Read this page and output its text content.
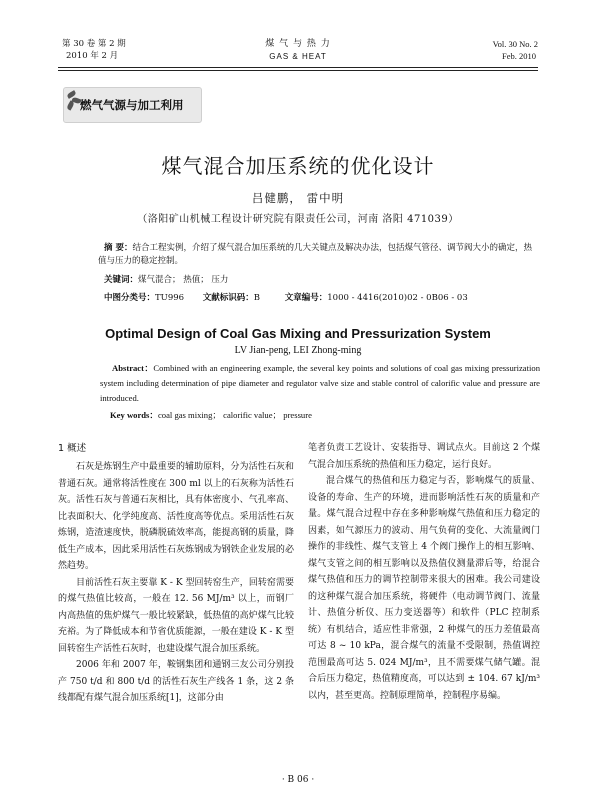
第 30 卷 第 2 期
2010 年 2 月
煤 气 与 热 力
GAS & HEAT
Vol. 30 No. 2
Feb. 2010
燃气气源与加工利用
煤气混合加压系统的优化设计
吕健鹏， 雷中明
（洛阳矿山机械工程设计研究院有限责任公司，河南 洛阳 471039）
摘 要：结合工程实例，介绍了煤气混合加压系统的几大关键点及解决办法，包括煤气管径、调节阀大小的确定，热值与压力的稳定控制。
关键词：煤气混合； 热值； 压力
中图分类号：TU996 文献标识码：B	文章编号：1000 - 4416(2010)02 - 0B06 - 03
Optimal Design of Coal Gas Mixing and Pressurization System
LV Jian-peng, LEI Zhong-ming
Abstract：Combined with an engineering example, the several key points and solutions of coal gas mixing pressurization system including determination of pipe diameter and regulator valve size and stable control of calorific value and pressure are introduced.
Key words：coal gas mixing； calorific value； pressure
1 概述

石灰是炼钢生产中最重要的辅助原料，分为活性石灰和普通石灰。通常将活性度在 300 ml 以上的石灰称为活性石灰。活性石灰与普通石灰相比，具有体密度小、气孔率高、比表面积大、化学纯度高、活性度高等优点。采用活性石灰炼钢，造渣速度快，脱磷脱硫效率高，能提高钢的质量，降低生产成本，因此采用活性石灰炼钢成为钢铁企业发展的必然趋势。

目前活性石灰主要靠 K - K 型回转窑生产，回转窑需要的煤气热值比较高，一般在 12. 56 MJ/m³ 以上，而钢厂内高热值的焦炉煤气一般比较紧缺，低热值的高炉煤气比较充裕。为了降低成本和节省优质能源，一般在建设 K - K 型回转窑生产活性石灰时，也建设煤气混合加压系统。

2006 年和 2007 年，鞍钢集团和通钢三友公司分别投产 750 t/d 和 800 t/d 的活性石灰生产线各 1 条，这 2 条线都配有煤气混合加压系统[1]，这部分由

笔者负责工艺设计、安装指导、调试点火。目前这 2 个煤气混合加压系统的热值和压力稳定，运行良好。

混合煤气的热值和压力稳定与否，影响煤气的质量、设备的寿命、生产的环境，进而影响活性石灰的质量和产量。煤气混合过程中存在多种影响煤气热值和压力稳定的因素，如气源压力的波动、用气负荷的变化、大流量阀门操作的非线性、煤气支管上 4 个阀门操作上的相互影响、煤气支管之间的相互影响以及热值仪测量滞后等，给混合煤气热值和压力的调节控制带来很大的困难。我公司建设的这种煤气混合加压系统，将硬件（电动调节阀门、流量计、热值分析仪、压力变送器等）和软件（PLC 控制系统）有机结合，适应性非常强，2 种煤气的压力差值最高可达 8 ~ 10 kPa，混合煤气的流量不受限制，热值调控范围最高可达 5. 024 MJ/m³，且不需要煤气储气罐。混合后压力稳定，热值精度高，可以达到 ± 104. 67 kJ/m³ 以内，甚至更高。控制原理简单，控制程序易编。

· B 06 ·
